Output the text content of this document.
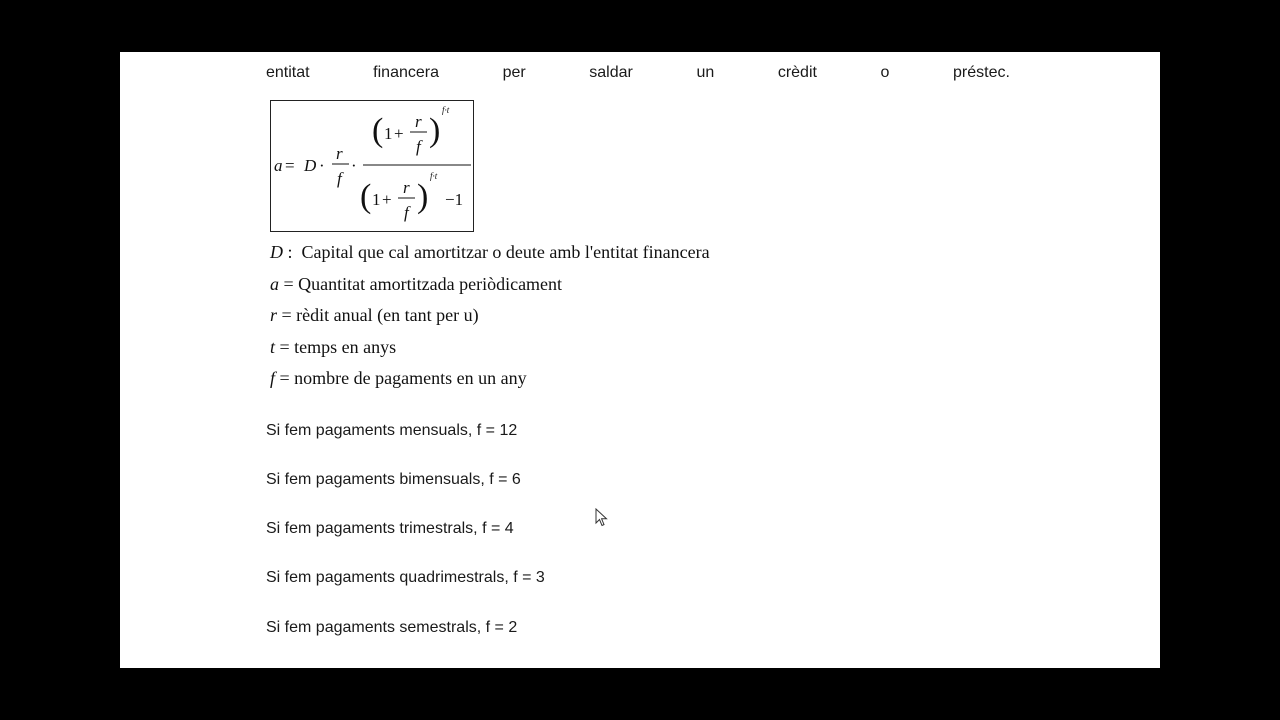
entitat	financera	per	saldar	un	crèdit	o	préstec.
a = D ·
r
f
·
( 1 +
r
f )
f·t
( 1 +
r
f )
f·t
−1
D :  Capital que cal amortitzar o deute amb l'entitat financera
a = Quantitat amortitzada periòdicament
r = rèdit anual (en tant per u)
t = temps en anys
f = nombre de pagaments en un any
Si fem pagaments mensuals, f = 12
Si fem pagaments bimensuals, f = 6
Si fem pagaments trimestrals, f = 4
Si fem pagaments quadrimestrals, f = 3
Si fem pagaments semestrals, f = 2
